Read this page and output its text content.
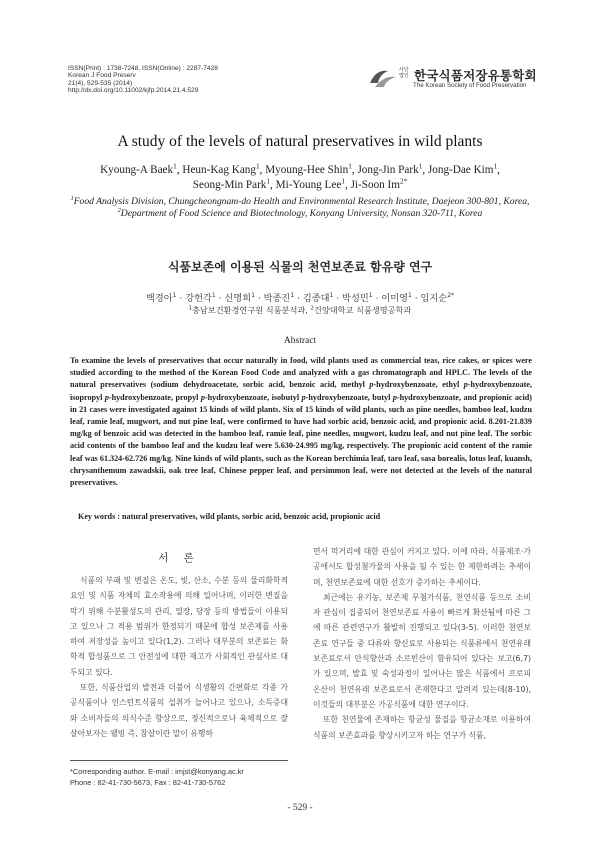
ISSN(Print) : 1738-7248, ISSN(Online) : 2287-7428
Korean J Food Preserv
21(4), 529-535 (2014)
http://dx.doi.org/10.11002/kjfp.2014.21.4.529
사단
법인 한국식품저장유통학회
The Korean Society of Food Preservation
A study of the levels of natural preservatives in wild plants
Kyoung-A Baek$^1$, Heun-Kag Kang$^1$, Myoung-Hee Shin$^1$, Jong-Jin Park$^1$, Jong-Dae Kim$^1$,
Seong-Min Park$^1$, Mi-Young Lee$^1$, Ji-Soon $Im^{2*}$
$^1$Food Analysis Division, Chungcheongnam-do Health and Environmental Research Institute, Daejeon 300-801, Korea,
$^2$Department of Food Science and Biotechnology, Konyang University, Nonsan 320-711, Korea
식품보존에 이용된 식물의 천연보존료 함유량 연구
백경아$^1$ · 강헌각$^1$ · 신명희$^1$ · 박종진$^1$ · 김종대$^1$ · 박성민$^1$ · 이미영$^1$ · 임지순$^{2*}$
$^1$충남보건환경연구원 식품분석과, $^2$건양대학교 식품생명공학과
Abstract
To examine the levels of preservatives that occur naturally in food, wild plants used as commercial teas, rice cakes, or spices were studied according to the method of the Korean Food Code and analyzed with a gas chromatograph and HPLC. The levels of the natural preservatives (sodium dehydroacetate, sorbic acid, benzoic acid, methyl p-hydroxybenzoate, ethyl p-hydroxybenzoate, isopropyl p-hydroxybenzoate, propyl p-hydroxybenzoate, isobutyl p-hydroxybenzoate, butyl p-hydroxybenzoate, and propionic acid) in 21 cases were investigated against 15 kinds of wild plants. Six of 15 kinds of wild plants, such as pine needles, bamboo leaf, kudzu leaf, ramie leaf, mugwort, and nut pine leaf, were confirmed to have had sorbic acid, benzoic acid, and propionic acid. 8.201-21.839 mg/kg of benzoic acid was detected in the bamboo leaf, ramie leaf, pine needles, mugwort, kudzu leaf, and nut pine leaf. The sorbic acid contents of the bamboo leaf and the kudzu leaf were 5.630-24.995 mg/kg, respectively. The propionic acid content of the ramie leaf was 61.324-62.726 mg/kg. Nine kinds of wild plants, such as the Korean berchimia leaf, taro leaf, sasa borealis, lotus leaf, kuansh, chrysanthemum zawadskii, oak tree leaf, Chinese pepper leaf, and persimmon leaf, were not detected at the levels of the natural preservatives.
Key words : natural preservatives, wild plants, sorbic acid, benzoic acid, propionic acid
서 론

식품의 부패 및 변질은 온도, 빛, 산소, 수분 등의 물리화학적 요인 및 식품 자체의 효소작용에 의해 일어나며, 이러한 변질을 막기 위해 수분활성도의 관리, 열장, 당장 등의 방법들이 이용되고 있으나 그 적용 범위가 한정되기 때문에 합성 보존제를 사용하여 저장성을 높이고 있다(1,2). 그러나 대부분의 보존료는 화학적 합성품으로 그 안전성에 대한 재고가 사회적인 관심사로 대두되고 있다.

또한, 식품산업의 발전과 더불어 식생활의 간편화로 각종 가공식품이나 인스턴트식품의 섭취가 늘어나고 있으나, 소득증대와 소비자들의 의식수준 향상으로, 정신적으로나 육체적으로 잘 살아보자는 웰빙 즉, 참살이란 말이 유행하

면서 먹거리에 대한 관심이 커지고 있다. 이에 따라, 식품제조·가공에서도 합성첨가물의 사용을 될 수 있는 한 제한하려는 추세이며, 천연보존료에 대한 선호가 증가하는 추세이다.

최근에는 유기농, 보존제 무첨가식품, 천연식품 등으로 소비자 관심이 집중되어 천연보존료 사용이 빠르게 확산됨에 따른 그에 따른 관련연구가 활발히 진행되고 있다(3-5). 이러한 천연보존료 연구들 중 다류와 향신료로 사용되는 식품류에서 천연유래 보존료로서 안식향산과 소르빈산이 함유되어 있다는 보고(6,7)가 있으며, 발효 및 숙성과정이 일어나는 많은 식품에서 프로피온산이 천연유래 보존료로서 존재한다고 알려져 있는데(8-10), 이것들의 대부분은 가공식품에 대한 연구이다.

또한 천연물에 존재하는 항균성 물질을 항균소재로 이용하여 식품의 보존효과를 향상시키고자 하는 연구가 식품,

*Corresponding author. E-mail : imjst@konyang.ac.kr
Phone : 82-41-730-5673, Fax : 82-41-730-5762
- 529 -
